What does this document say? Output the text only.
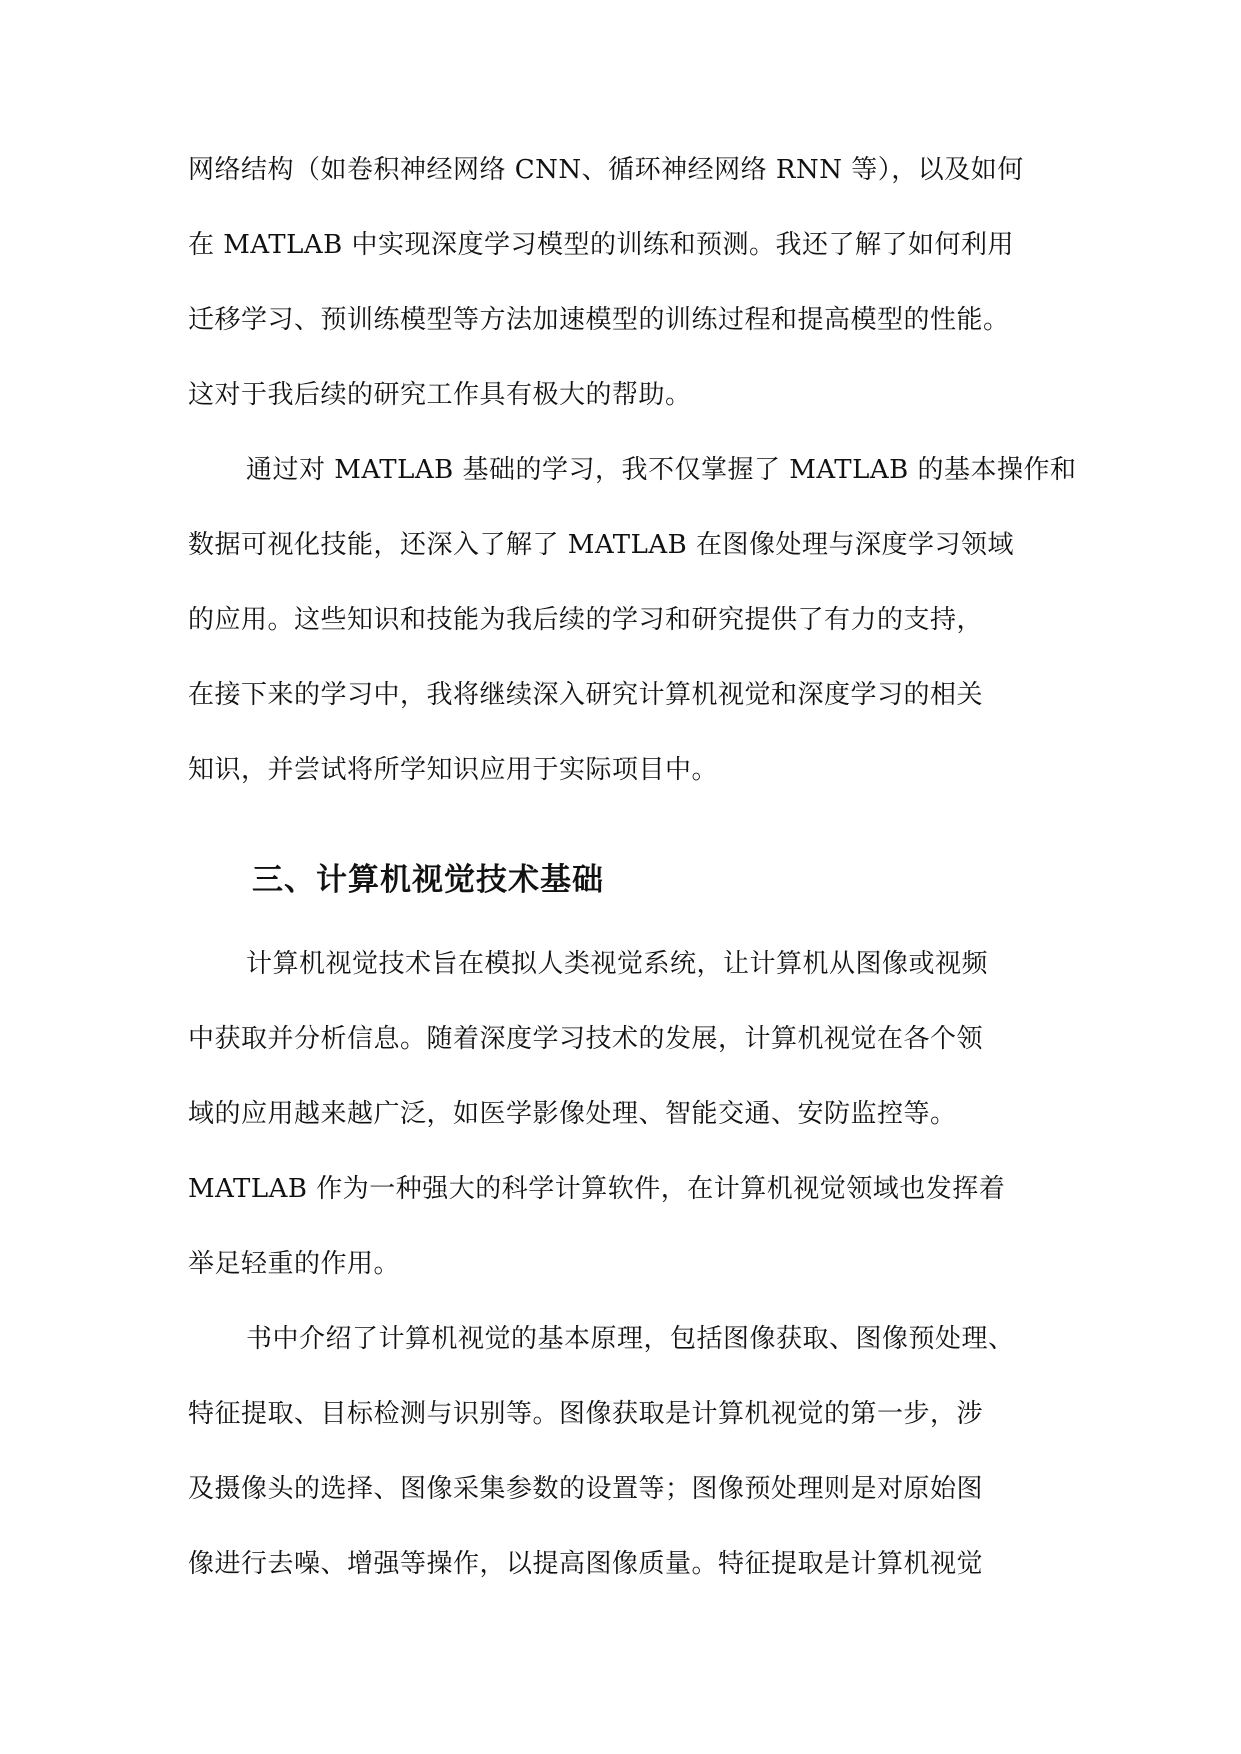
网络结构（如卷积神经网络 CNN、循环神经网络 RNN 等），以及如何
在 MATLAB 中实现深度学习模型的训练和预测。我还了解了如何利用
迁移学习、预训练模型等方法加速模型的训练过程和提高模型的性能。
这对于我后续的研究工作具有极大的帮助。
通过对 MATLAB 基础的学习，我不仅掌握了 MATLAB 的基本操作和
数据可视化技能，还深入了解了 MATLAB 在图像处理与深度学习领域
的应用。这些知识和技能为我后续的学习和研究提供了有力的支持，
在接下来的学习中，我将继续深入研究计算机视觉和深度学习的相关
知识，并尝试将所学知识应用于实际项目中。
三、计算机视觉技术基础
计算机视觉技术旨在模拟人类视觉系统，让计算机从图像或视频
中获取并分析信息。随着深度学习技术的发展，计算机视觉在各个领
域的应用越来越广泛，如医学影像处理、智能交通、安防监控等。
MATLAB 作为一种强大的科学计算软件，在计算机视觉领域也发挥着
举足轻重的作用。
书中介绍了计算机视觉的基本原理，包括图像获取、图像预处理、
特征提取、目标检测与识别等。图像获取是计算机视觉的第一步，涉
及摄像头的选择、图像采集参数的设置等；图像预处理则是对原始图
像进行去噪、增强等操作，以提高图像质量。特征提取是计算机视觉
